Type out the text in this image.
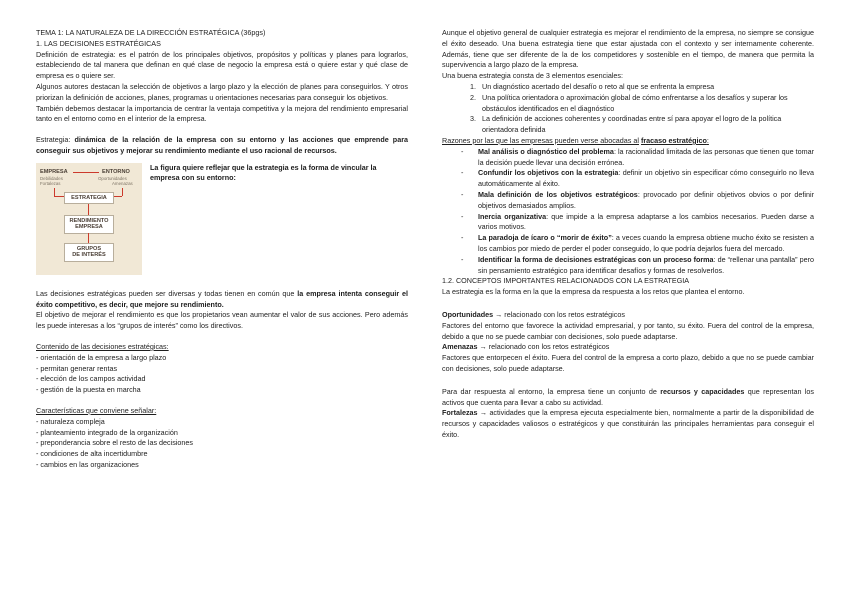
TEMA 1: LA NATURALEZA DE LA DIRECCIÓN ESTRATÉGICA (36pgs)

1. LAS DECISIONES ESTRATÉGICAS

Definición de estrategia: es el patrón de los principales objetivos, propósitos y políticas y planes para lograrlos, estableciendo de tal manera que definan en qué clase de negocio la empresa está o quiere estar y qué clase de empresa es o quiere ser.

Algunos autores destacan la selección de objetivos a largo plazo y la elección de planes para conseguirlos. Y otros priorizan la definición de acciones, planes, programas u orientaciones necesarias para conseguir los objetivos.

También debemos destacar la importancia de centrar la ventaja competitiva y la mejora del rendimiento empresarial tanto en el entorno como en el interior de la empresa.

Estrategia: dinámica de la relación de la empresa con su entorno y las acciones que emprende para conseguir sus objetivos y mejorar su rendimiento mediante el uso racional de recursos.

EMPRESA
Debilidades
Fortalezas
ENTORNO
Oportunidades
Amenazas
ESTRATEGIA
RENDIMIENTO
EMPRESA
GRUPOS
DE INTERÉS

La figura quiere reflejar que la estrategia es la forma de vincular la empresa con su entorno:

Las decisiones estratégicas pueden ser diversas y todas tienen en común que la empresa intenta conseguir el éxito competitivo, es decir, que mejore su rendimiento.

El objetivo de mejorar el rendimiento es que los propietarios vean aumentar el valor de sus acciones. Pero además les puede interesas a los “grupos de interés” como los directivos.

Contenido de las decisiones estratégicas:

- orientación de la empresa a largo plazo

- permitan generar rentas

- elección de los campos actividad

- gestión de la puesta en marcha

Características que conviene señalar:

- naturaleza compleja

- planteamiento integrado de la organización

- preponderancia sobre el resto de las decisiones

- condiciones de alta incertidumbre

- cambios en las organizaciones

Aunque el objetivo general de cualquier estrategia es mejorar el rendimiento de la empresa, no siempre se consigue el éxito deseado. Una buena estrategia tiene que estar ajustada con el contexto y ser internamente coherente. Además, tiene que ser diferente de la de los competidores y sostenible en el tiempo, de manera que permita la supervivencia a largo plazo de la empresa.

Una buena estrategia consta de 3 elementos esenciales:

1. Un diagnóstico acertado del desafío o reto al que se enfrenta la empresa
2. Una política orientadora o aproximación global de cómo enfrentarse a los desafíos y superar los obstáculos identificados en el diagnóstico
3. La definición de acciones coherentes y coordinadas entre sí para apoyar el logro de la política orientadora definida

Razones por las que las empresas pueden verse abocadas al fracaso estratégico:

- Mal análisis o diagnóstico del problema: la racionalidad limitada de las personas que tienen que tomar la decisión puede llevar una decisión errónea.
- Confundir los objetivos con la estrategia: definir un objetivo sin especificar cómo conseguirlo no lleva automáticamente al éxito.
- Mala definición de los objetivos estratégicos: provocado por definir objetivos obvios o por definir objetivos demasiados amplios.
- Inercia organizativa: que impide a la empresa adaptarse a los cambios necesarios. Pueden darse a varios motivos.
- La paradoja de ícaro o “morir de éxito”: a veces cuando la empresa obtiene mucho éxito se resisten a los cambios por miedo de perder el poder conseguido, lo que podría dejarlos fuera del mercado.
- Identificar la forma de decisiones estratégicas con un proceso forma: de “rellenar una pantalla” pero sin pensamiento estratégico para identificar desafíos y formas de resolverlos.

1.2. CONCEPTOS IMPORTANTES RELACIONADOS CON LA ESTRATEGIA

La estrategia es la forma en la que la empresa da respuesta a los retos que plantea el entorno.

Oportunidades → relacionado con los retos estratégicos

Factores del entorno que favorece la actividad empresarial, y por tanto, su éxito. Fuera del control de la empresa, debido a que no se puede cambiar con decisiones, solo puede adaptarse.

Amenazas → relacionado con los retos estratégicos

Factores que entorpecen el éxito. Fuera del control de la empresa a corto plazo, debido a que no se puede cambiar con decisiones, solo puede adaptarse.

Para dar respuesta al entorno, la empresa tiene un conjunto de recursos y capacidades que representan los activos que cuenta para llevar a cabo su actividad.

Fortalezas → actividades que la empresa ejecuta especialmente bien, normalmente a partir de la disponibilidad de recursos y capacidades valiosos o estratégicos y que constituirán las principales herramientas para conseguir el éxito.
